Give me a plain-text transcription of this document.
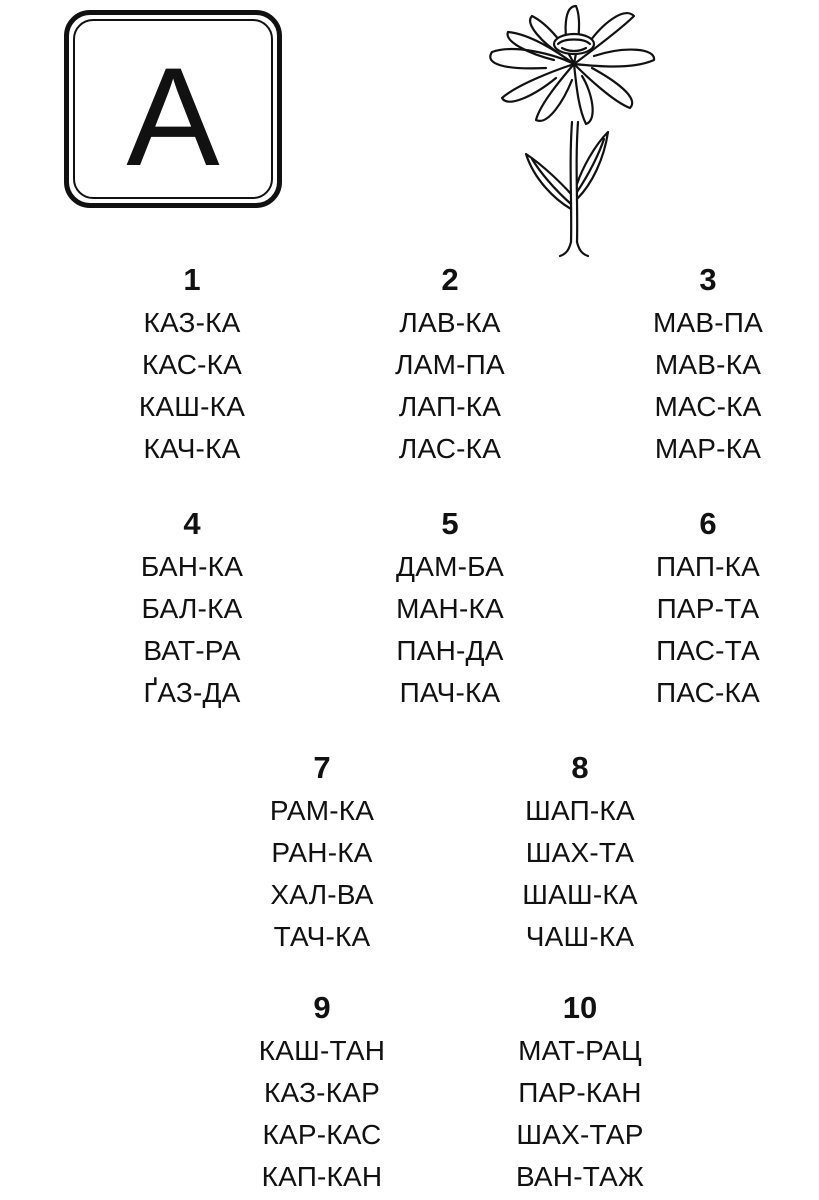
А
1
КАЗ-КА
КАС-КА
КАШ-КА
КАЧ-КА
2
ЛАВ-КА
ЛАМ-ПА
ЛАП-КА
ЛАС-КА
3
МАВ-ПА
МАВ-КА
МАС-КА
МАР-КА
4
БАН-КА
БАЛ-КА
ВАТ-РА
ҐАЗ-ДА
5
ДАМ-БА
МАН-КА
ПАН-ДА
ПАЧ-КА
6
ПАП-КА
ПАР-ТА
ПАС-ТА
ПАС-КА
7
РАМ-КА
РАН-КА
ХАЛ-ВА
ТАЧ-КА
8
ШАП-КА
ШАХ-ТА
ШАШ-КА
ЧАШ-КА
9
КАШ-ТАН
КАЗ-КАР
КАР-КАС
КАП-КАН
10
МАТ-РАЦ
ПАР-КАН
ШАХ-ТАР
ВАН-ТАЖ
